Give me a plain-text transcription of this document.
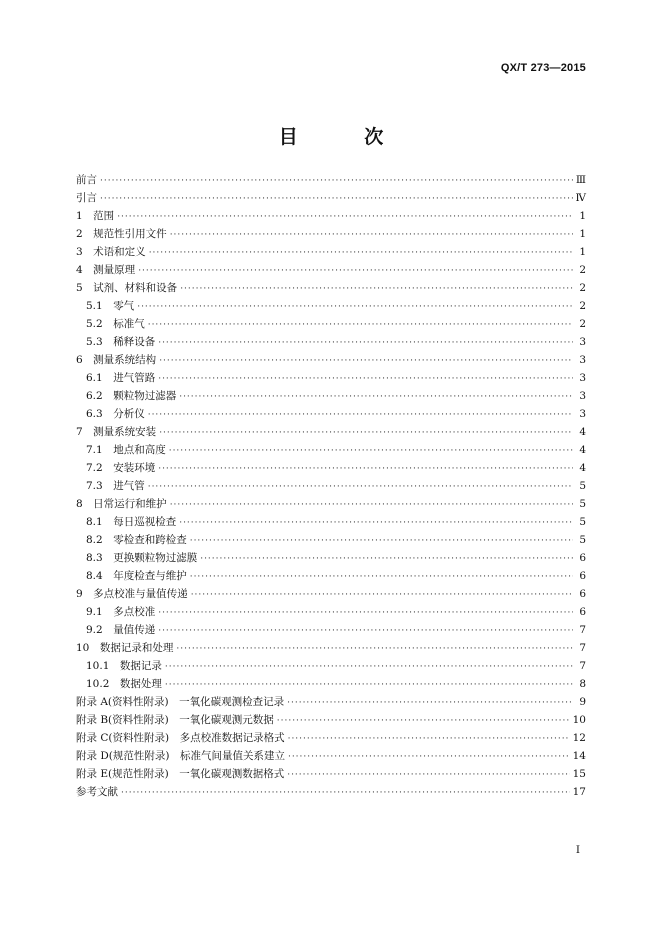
QX/T 273—2015
目 次
前言 ·····	Ⅲ
引言 ·····	Ⅳ
1　范围 ·····	1
2　规范性引用文件 ·····	1
3　术语和定义 ·····	1
4　测量原理 ·····	2
5　试剂、材料和设备 ·····	2
5.1　零气 ·····	2
5.2　标准气 ·····	2
5.3　稀释设备 ·····	3
6　测量系统结构 ·····	3
6.1　进气管路 ·····	3
6.2　颗粒物过滤器 ·····	3
6.3　分析仪 ·····	3
7　测量系统安装 ·····	4
7.1　地点和高度 ·····	4
7.2　安装环境 ·····	4
7.3　进气管 ·····	5
8　日常运行和维护 ·····	5
8.1　每日巡视检查 ·····	5
8.2　零检查和跨检查 ·····	5
8.3　更换颗粒物过滤膜 ·····	6
8.4　年度检查与维护 ·····	6
9　多点校准与量值传递 ·····	6
9.1　多点校准 ·····	6
9.2　量值传递 ·····	7
10　数据记录和处理 ·····	7
10.1　数据记录 ·····	7
10.2　数据处理 ·····	8
附录 A(资料性附录)　一氧化碳观测检查记录 ·····	9
附录 B(资料性附录)　一氧化碳观测元数据 ·····	10
附录 C(资料性附录)　多点校准数据记录格式 ·····	12
附录 D(规范性附录)　标准气间量值关系建立 ·····	14
附录 E(规范性附录)　一氧化碳观测数据格式 ·····	15
参考文献 ·····	17
I
